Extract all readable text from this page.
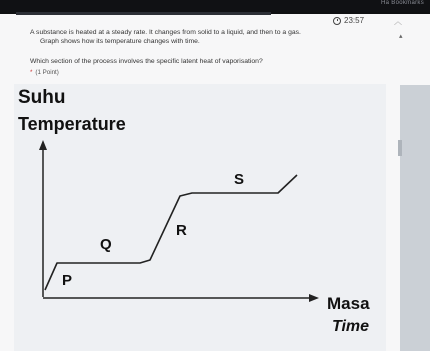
Ha Bookmarks
23:57	︿
▴
A substance is heated at a steady rate. It changes from solid to a liquid, and then to a gas.
Graph shows how its temperature changes with time.
Which section of the process involves the specific latent heat of vaporisation?
* (1 Point)
Suhu
Temperature
Masa
Time
P
Q
R
S
